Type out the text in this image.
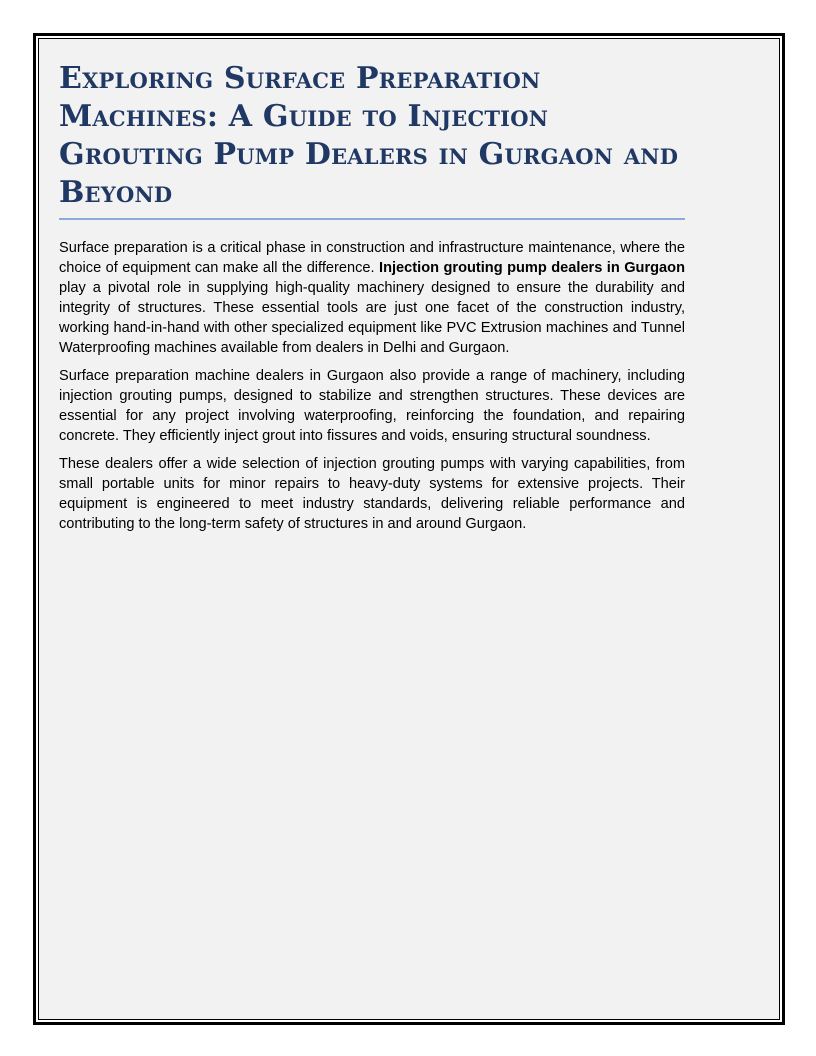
Exploring Surface Preparation Machines: A Guide to Injection Grouting Pump Dealers in Gurgaon and Beyond

Surface preparation is a critical phase in construction and infrastructure maintenance, where the choice of equipment can make all the difference. Injection grouting pump dealers in Gurgaon play a pivotal role in supplying high-quality machinery designed to ensure the durability and integrity of structures. These essential tools are just one facet of the construction industry, working hand-in-hand with other specialized equipment like PVC Extrusion machines and Tunnel Waterproofing machines available from dealers in Delhi and Gurgaon.

Surface preparation machine dealers in Gurgaon also provide a range of machinery, including injection grouting pumps, designed to stabilize and strengthen structures. These devices are essential for any project involving waterproofing, reinforcing the foundation, and repairing concrete. They efficiently inject grout into fissures and voids, ensuring structural soundness.

These dealers offer a wide selection of injection grouting pumps with varying capabilities, from small portable units for minor repairs to heavy-duty systems for extensive projects. Their equipment is engineered to meet industry standards, delivering reliable performance and contributing to the long-term safety of structures in and around Gurgaon.
